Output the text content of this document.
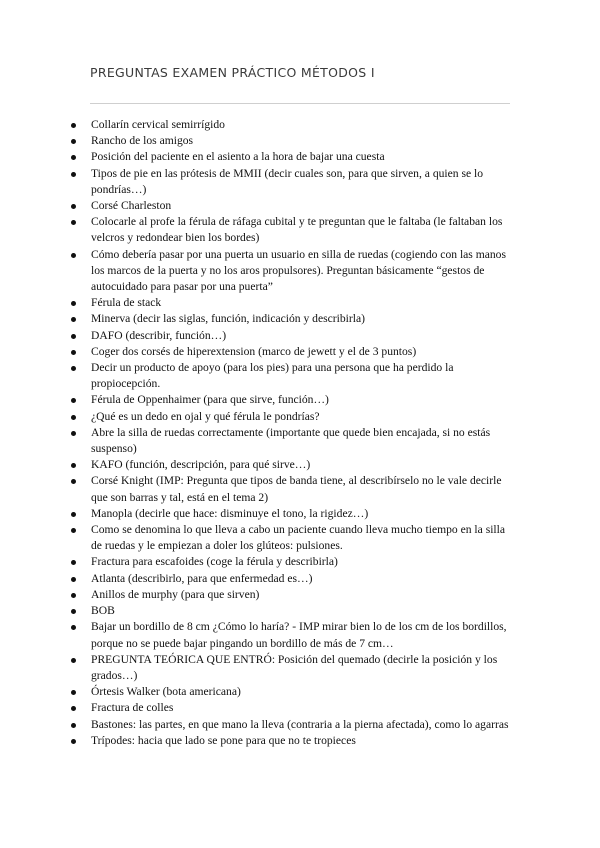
PREGUNTAS EXAMEN PRÁCTICO MÉTODOS I
Collarín cervical semirrígido
Rancho de los amigos
Posición del paciente en el asiento a la hora de bajar una cuesta
Tipos de pie en las prótesis de MMII (decir cuales son, para que sirven, a quien se lo pondrías…)
Corsé Charleston
Colocarle al profe la férula de ráfaga cubital y te preguntan que le faltaba (le faltaban los velcros y redondear bien los bordes)
Cómo debería pasar por una puerta un usuario en silla de ruedas (cogiendo con las manos los marcos de la puerta y no los aros propulsores). Preguntan básicamente “gestos de autocuidado para pasar por una puerta”
Férula de stack
Minerva (decir las siglas, función, indicación y describirla)
DAFO (describir, función…)
Coger dos corsés de hiperextension (marco de jewett y el de 3 puntos)
Decir un producto de apoyo (para los pies) para una persona que ha perdido la propiocepción.
Férula de Oppenhaimer (para que sirve, función…)
¿Qué es un dedo en ojal y qué férula le pondrías?
Abre la silla de ruedas correctamente (importante que quede bien encajada, si no estás suspenso)
KAFO (función, descripción, para qué sirve…)
Corsé Knight (IMP: Pregunta que tipos de banda tiene, al describírselo no le vale decirle que son barras y tal, está en el tema 2)
Manopla (decirle que hace: disminuye el tono, la rigidez…)
Como se denomina lo que lleva a cabo un paciente cuando lleva mucho tiempo en la silla de ruedas y le empiezan a doler los glúteos: pulsiones.
Fractura para escafoides (coge la férula y describirla)
Atlanta (describirlo, para que enfermedad es…)
Anillos de murphy (para que sirven)
BOB
Bajar un bordillo de 8 cm ¿Cómo lo haría? - IMP mirar bien lo de los cm de los bordillos, porque no se puede bajar pingando un bordillo de más de 7 cm…
PREGUNTA TEÓRICA QUE ENTRÓ: Posición del quemado (decirle la posición y los grados…)
Órtesis Walker (bota americana)
Fractura de colles
Bastones: las partes, en que mano la lleva (contraria a la pierna afectada), como lo agarras
Trípodes: hacia que lado se pone para que no te tropieces
